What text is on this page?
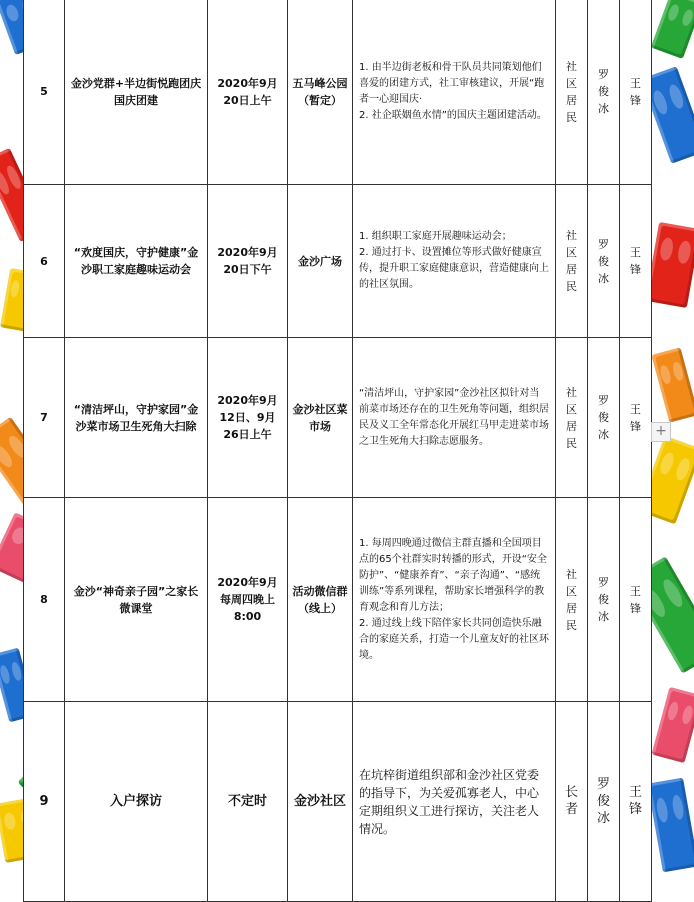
5	金沙党群+半边街悦跑团庆国庆团建	2020年9月20日上午	五马峰公园（暂定）	1. 由半边街老板和骨干队员共同策划他们喜爱的团建方式，社工审核建议，开展“跑者一心迎国庆·
2. 社企联姻鱼水情”的国庆主题团建活动。	社区居民	罗俊冰	王锋
6	“欢度国庆，守护健康”金沙职工家庭趣味运动会	2020年9月20日下午	金沙广场	1. 组织职工家庭开展趣味运动会；
2. 通过打卡、设置摊位等形式做好健康宣传，提升职工家庭健康意识，营造健康向上的社区氛围。	社区居民	罗俊冰	王锋
7	“清洁坪山，守护家园”金沙菜市场卫生死角大扫除	2020年9月12日、9月26日上午	金沙社区菜市场	“清洁坪山，守护家园”金沙社区拟针对当前菜市场还存在的卫生死角等问题，组织居民及义工全年常态化开展红马甲走进菜市场之卫生死角大扫除志愿服务。	社区居民	罗俊冰	王锋
8	金沙“神奇亲子园”之家长微课堂	2020年9月每周四晚上8:00	活动微信群（线上）	1. 每周四晚通过微信主群直播和全国项目点的65个社群实时转播的形式，开设“安全防护”、“健康养育”、“亲子沟通”、“感统训练”等系列课程，帮助家长增强科学的教育观念和育儿方法；
2. 通过线上线下陪伴家长共同创造快乐融合的家庭关系，打造一个儿童友好的社区环境。	社区居民	罗俊冰	王锋
9	入户探访	不定时	金沙社区	在坑梓街道组织部和金沙社区党委的指导下，为关爱孤寡老人，中心定期组织义工进行探访，关注老人情况。	长者	罗俊冰	王锋
+
